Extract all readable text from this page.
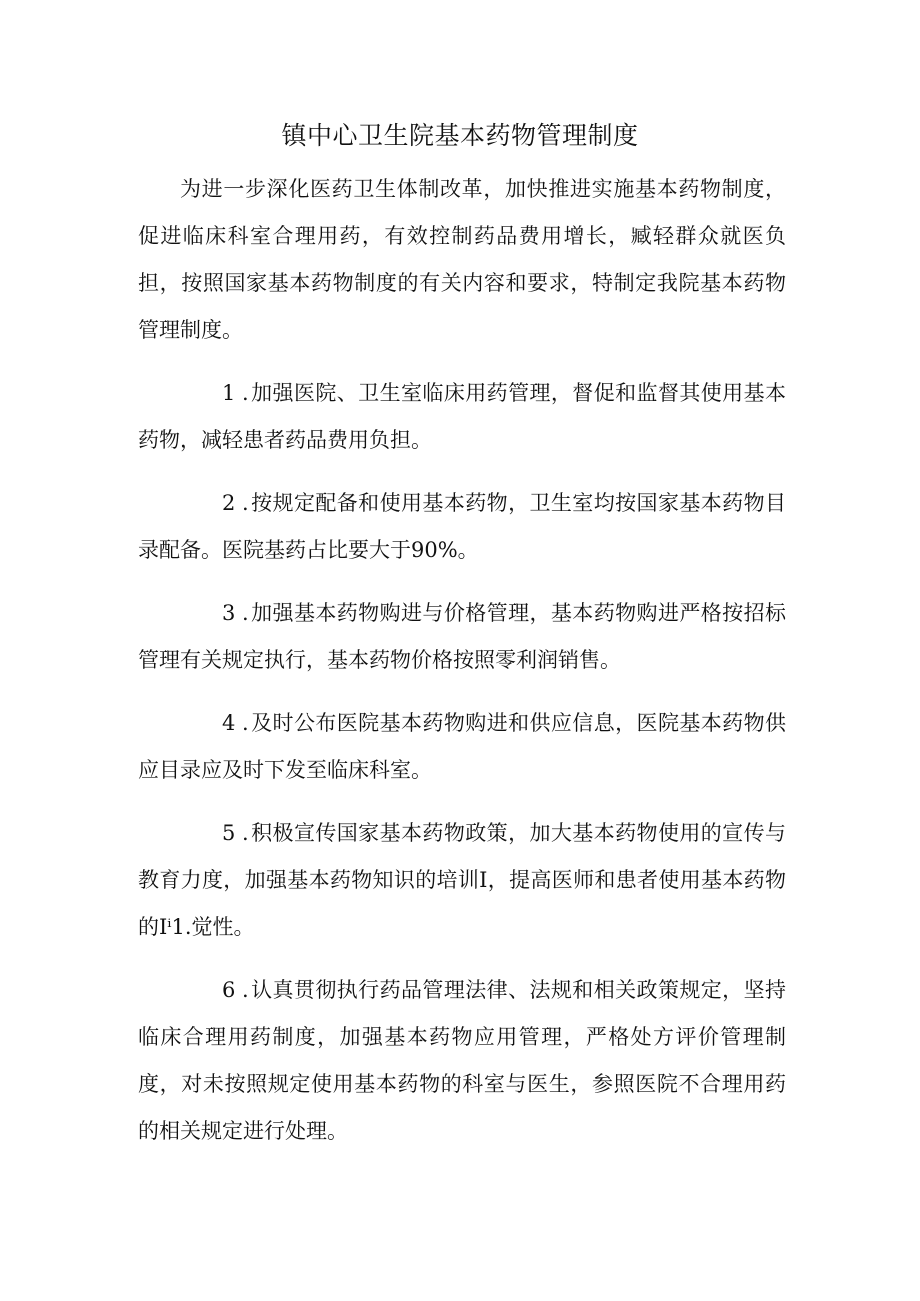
镇中心卫生院基本药物管理制度

为进一步深化医药卫生体制改革，加快推进实施基本药物制度，促进临床科室合理用药，有效控制药品费用增长，臧轻群众就医负担，按照国家基本药物制度的有关内容和要求，特制定我院基本药物管理制度。

1 .加强医院、卫生室临床用药管理，督促和监督其使用基本药物，减轻患者药品费用负担。

2 .按规定配备和使用基本药物，卫生室均按国家基本药物目录配备。医院基药占比要大于90%。

3 .加强基本药物购进与价格管理，基本药物购进严格按招标管理有关规定执行，基本药物价格按照零利润销售。

4 .及时公布医院基本药物购进和供应信息，医院基本药物供应目录应及时下发至临床科室。

5 .积极宣传国家基本药物政策，加大基本药物使用的宣传与教育力度，加强基本药物知识的培训I，提高医师和患者使用基本药物的Iⁱ1.觉性。

6 .认真贯彻执行药品管理法律、法规和相关政策规定，坚持临床合理用药制度，加强基本药物应用管理，严格处方评价管理制度，对未按照规定使用基本药物的科室与医生，参照医院不合理用药的相关规定进行处理。
